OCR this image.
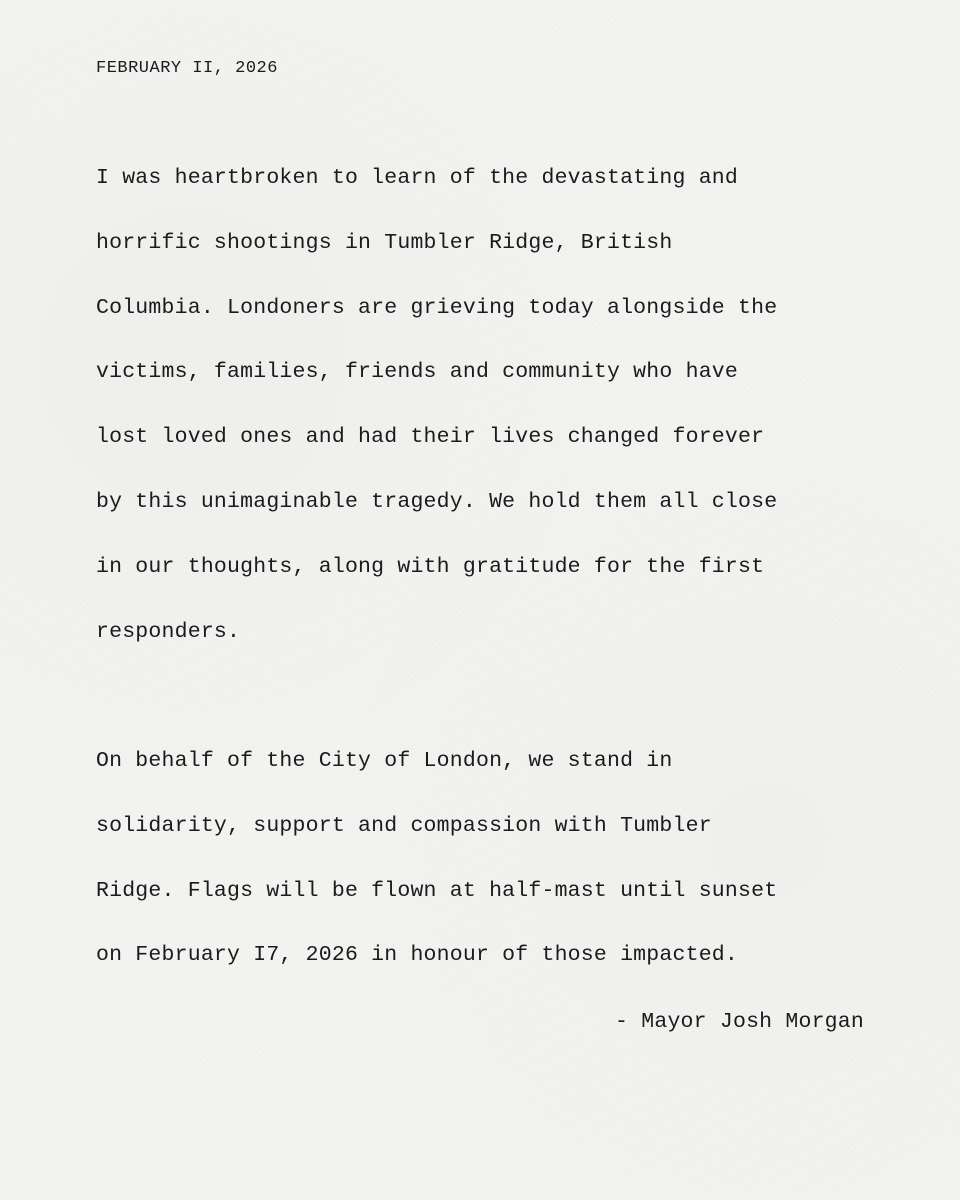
FEBRUARY II, 2026

I was heartbroken to learn of the devastating and
horrific shootings in Tumbler Ridge, British
Columbia. Londoners are grieving today alongside the
victims, families, friends and community who have
lost loved ones and had their lives changed forever
by this unimaginable tragedy. We hold them all close
in our thoughts, along with gratitude for the first
responders.

On behalf of the City of London, we stand in
solidarity, support and compassion with Tumbler
Ridge. Flags will be flown at half-mast until sunset
on February I7, 2026 in honour of those impacted.

- Mayor Josh Morgan
